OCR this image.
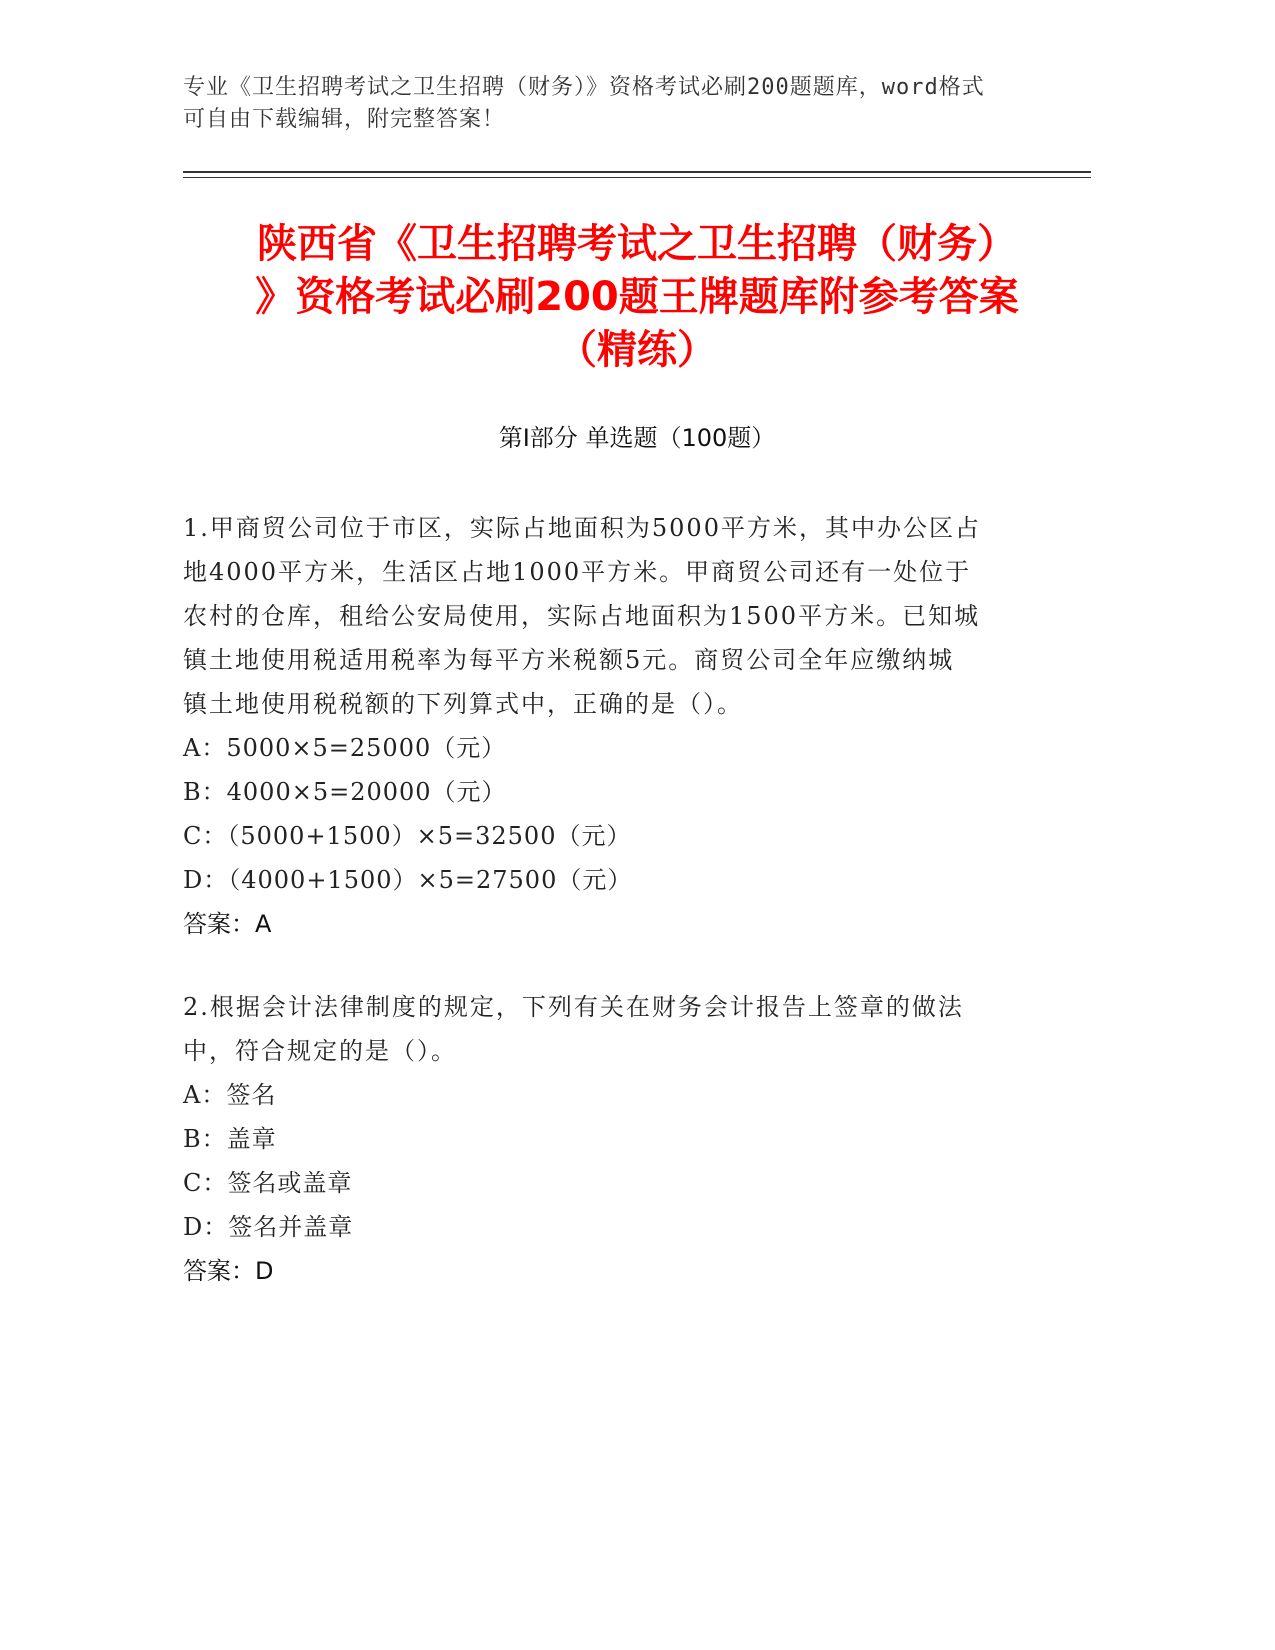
专业《卫生招聘考试之卫生招聘（财务）》资格考试必刷200题题库，word格式
可自由下载编辑，附完整答案！
陕西省《卫生招聘考试之卫生招聘（财务）
》资格考试必刷200题王牌题库附参考答案
（精练）
第Ⅰ部分 单选题（100题）
1.甲商贸公司位于市区，实际占地面积为5000平方米，其中办公区占
地4000平方米，生活区占地1000平方米。甲商贸公司还有一处位于
农村的仓库，租给公安局使用，实际占地面积为1500平方米。已知城
镇土地使用税适用税率为每平方米税额5元。商贸公司全年应缴纳城
镇土地使用税税额的下列算式中，正确的是（）。
A：5000×5=25000（元）
B：4000×5=20000（元）
C：（5000+1500）×5=32500（元）
D：（4000+1500）×5=27500（元）
答案：A
2.根据会计法律制度的规定，下列有关在财务会计报告上签章的做法
中，符合规定的是（）。
A：签名
B：盖章
C：签名或盖章
D：签名并盖章
答案：D
